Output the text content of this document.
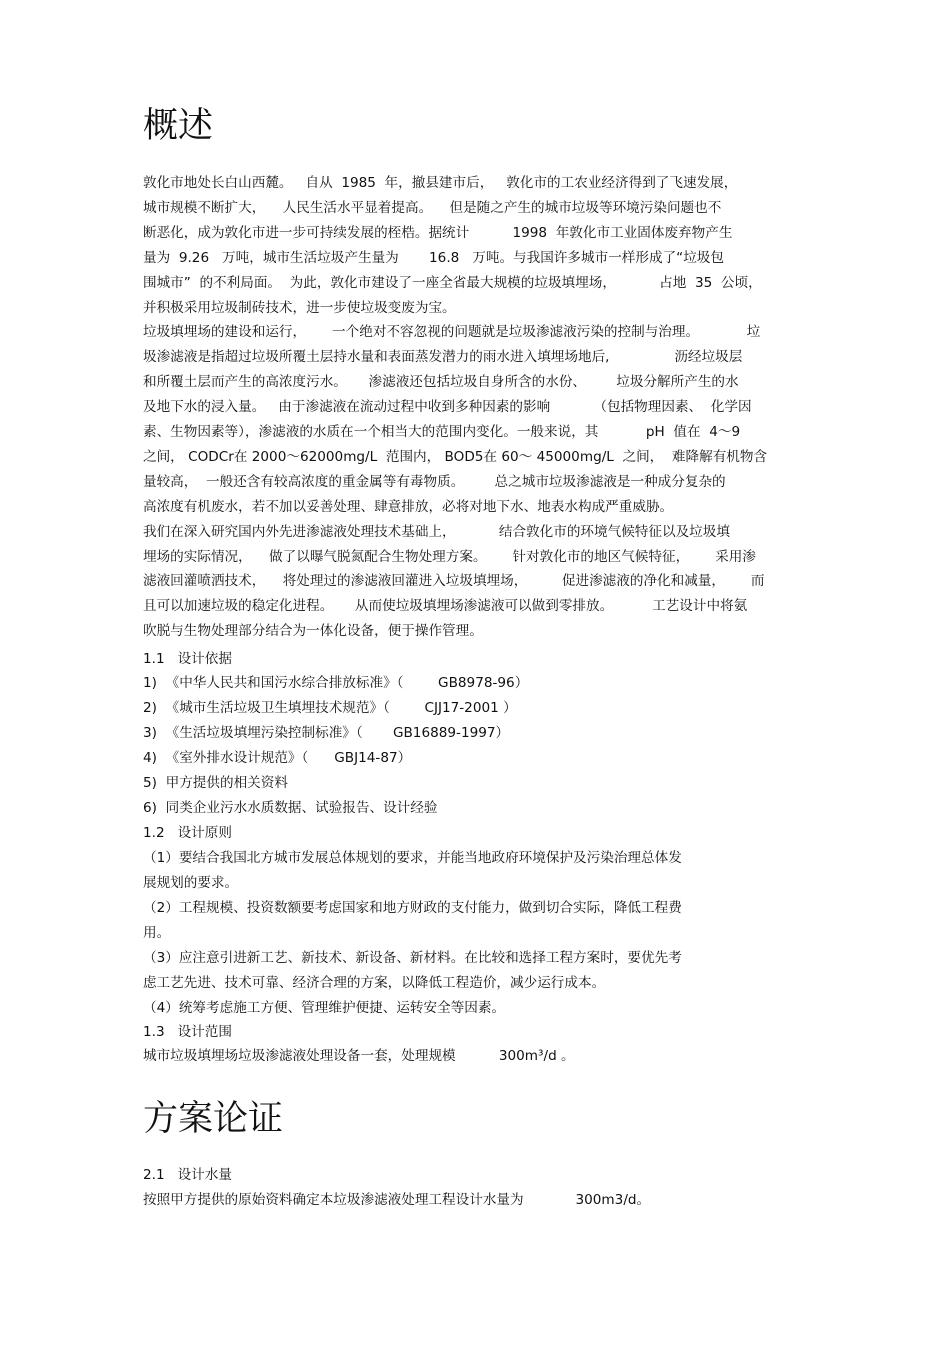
概述

敦化市地处长白山西麓。   自从  1985  年，撤县建市后，   敦化市的工农业经济得到了飞速发展，

城市规模不断扩大，    人民生活水平显着提高。    但是随之产生的城市垃圾等环境污染问题也不

断恶化，成为敦化市进一步可持续发展的桎梏。据统计          1998  年敦化市工业固体废弃物产生

量为  9.26   万吨，城市生活垃圾产生量为       16.8   万吨。与我国许多城市一样形成了“垃圾包

围城市”  的不利局面。  为此，敦化市建设了一座全省最大规模的垃圾填埋场，          占地  35  公顷，

并积极采用垃圾制砖技术，进一步使垃圾变废为宝。

垃圾填埋场的建设和运行，      一个绝对不容忽视的问题就是垃圾渗滤液污染的控制与治理。           垃

圾渗滤液是指超过垃圾所覆土层持水量和表面蒸发潜力的雨水进入填埋场地后,               沥经垃圾层

和所覆土层而产生的高浓度污水。     渗滤液还包括垃圾自身所含的水份、       垃圾分解所产生的水

及地下水的浸入量。   由于渗滤液在流动过程中收到多种因素的影响          （包括物理因素、  化学因

素、生物因素等），渗滤液的水质在一个相当大的范围内变化。一般来说，其           pH  值在  4～9

之间， CODCr在 2000～62000mg/L  范围内， BOD5在 60～ 45000mg/L  之间，  难降解有机物含

量较高，  一般还含有较高浓度的重金属等有毒物质。       总之城市垃圾渗滤液是一种成分复杂的

高浓度有机废水，若不加以妥善处理、肆意排放，必将对地下水、地表水构成严重威胁。

我们在深入研究国内外先进渗滤液处理技术基础上，          结合敦化市的环境气候特征以及垃圾填

埋场的实际情况，    做了以曝气脱氮配合生物处理方案。      针对敦化市的地区气候特征，      采用渗

滤液回灌喷洒技术，    将处理过的渗滤液回灌进入垃圾填埋场，        促进渗滤液的净化和减量，      而

且可以加速垃圾的稳定化进程。     从而使垃圾填埋场渗滤液可以做到零排放。         工艺设计中将氨

吹脱与生物处理部分结合为一体化设备，便于操作管理。

1.1   设计依据

1)  《中华人民共和国污水综合排放标准》（        GB8978-96）

2)  《城市生活垃圾卫生填埋技术规范》（        CJJ17-2001 ）

3)  《生活垃圾填埋污染控制标准》（       GB16889-1997）

4)  《室外排水设计规范》（      GBJ14-87）

5)  甲方提供的相关资料

6)  同类企业污水水质数据、试验报告、设计经验

1.2   设计原则

（1）要结合我国北方城市发展总体规划的要求，并能当地政府环境保护及污染治理总体发

展规划的要求。

（2）工程规模、投资数额要考虑国家和地方财政的支付能力，做到切合实际，降低工程费

用。

（3）应注意引进新工艺、新技术、新设备、新材料。在比较和选择工程方案时，要优先考

虑工艺先进、技术可靠、经济合理的方案，以降低工程造价，减少运行成本。

（4）统筹考虑施工方便、管理维护便捷、运转安全等因素。

1.3   设计范围

城市垃圾填埋场垃圾渗滤液处理设备一套，处理规模          300m³/d 。

方案论证

2.1   设计水量

按照甲方提供的原始资料确定本垃圾渗滤液处理工程设计水量为            300m3/d。
